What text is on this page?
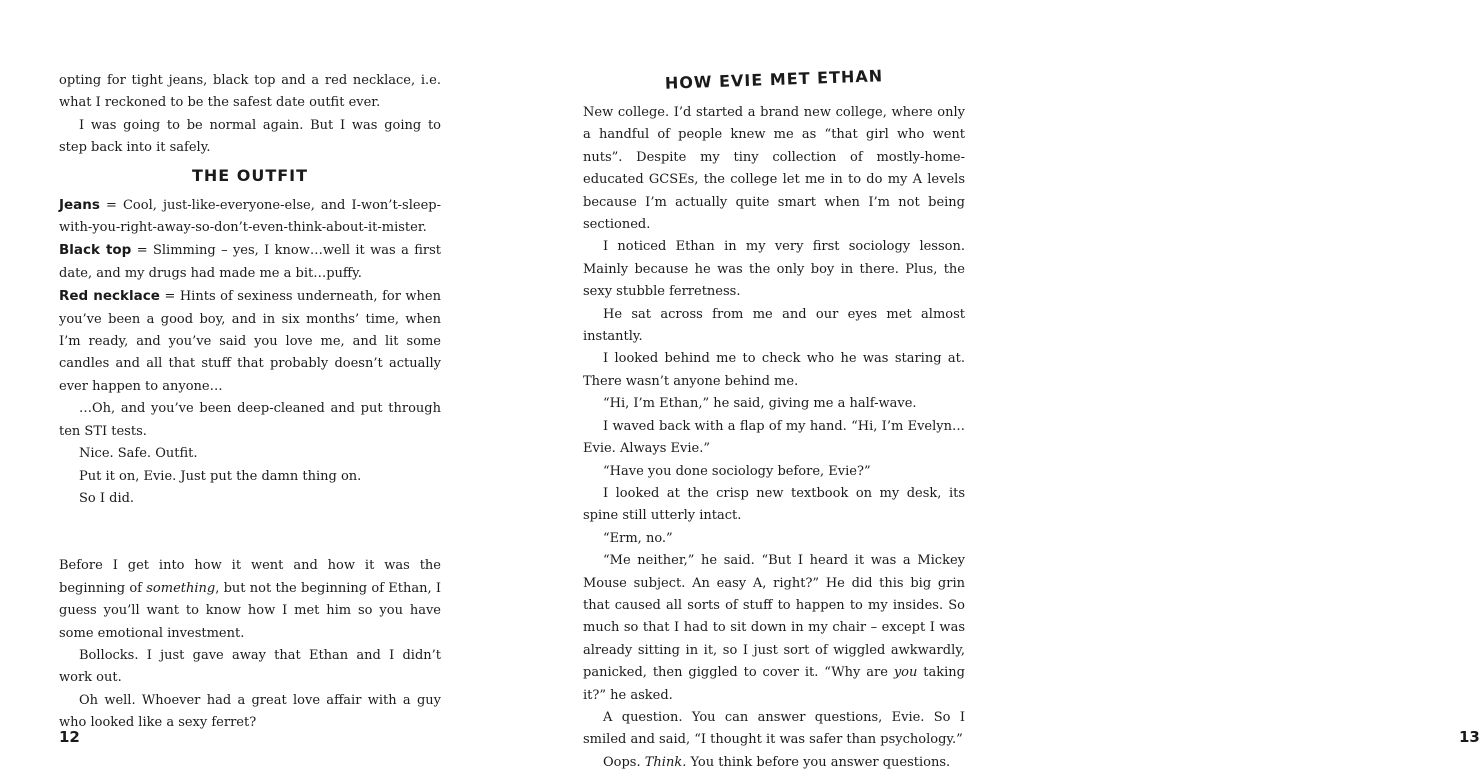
opting for tight jeans, black top and a red necklace, i.e. what I reckoned to be the safest date outfit ever.

I was going to be normal again. But I was going to step back into it safely.

THE OUTFIT

Jeans = Cool, just-like-everyone-else, and I-won’t-sleep-with-you-right-away-so-don’t-even-think-about-it-mister.

Black top = Slimming – yes, I know…well it was a first date, and my drugs had made me a bit…puffy.

Red necklace = Hints of sexiness underneath, for when you’ve been a good boy, and in six months’ time, when I’m ready, and you’ve said you love me, and lit some candles and all that stuff that probably doesn’t actually ever happen to anyone…

…Oh, and you’ve been deep-cleaned and put through ten STI tests.

Nice. Safe. Outfit.

Put it on, Evie. Just put the damn thing on.

So I did.

Before I get into how it went and how it was the beginning of something, but not the beginning of Ethan, I guess you’ll want to know how I met him so you have some emotional investment.

Bollocks. I just gave away that Ethan and I didn’t work out.

Oh well. Whoever had a great love affair with a guy who looked like a sexy ferret?

12
HOW EVIE MET ETHAN

New college. I’d started a brand new college, where only a handful of people knew me as “that girl who went nuts”. Despite my tiny collection of mostly-home-educated GCSEs, the college let me in to do my A levels because I’m actually quite smart when I’m not being sectioned.

I noticed Ethan in my very first sociology lesson. Mainly because he was the only boy in there. Plus, the sexy stubble ferretness.

He sat across from me and our eyes met almost instantly.

I looked behind me to check who he was staring at. There wasn’t anyone behind me.

“Hi, I’m Ethan,” he said, giving me a half-wave.

I waved back with a flap of my hand. “Hi, I’m Evelyn…Evie. Always Evie.”

“Have you done sociology before, Evie?”

I looked at the crisp new textbook on my desk, its spine still utterly intact.

“Erm, no.”

“Me neither,” he said. “But I heard it was a Mickey Mouse subject. An easy A, right?” He did this big grin that caused all sorts of stuff to happen to my insides. So much so that I had to sit down in my chair – except I was already sitting in it, so I just sort of wiggled awkwardly, panicked, then giggled to cover it. “Why are you taking it?” he asked.

A question. You can answer questions, Evie. So I smiled and said, “I thought it was safer than psychology.”

Oops. Think. You think before you answer questions.

13
